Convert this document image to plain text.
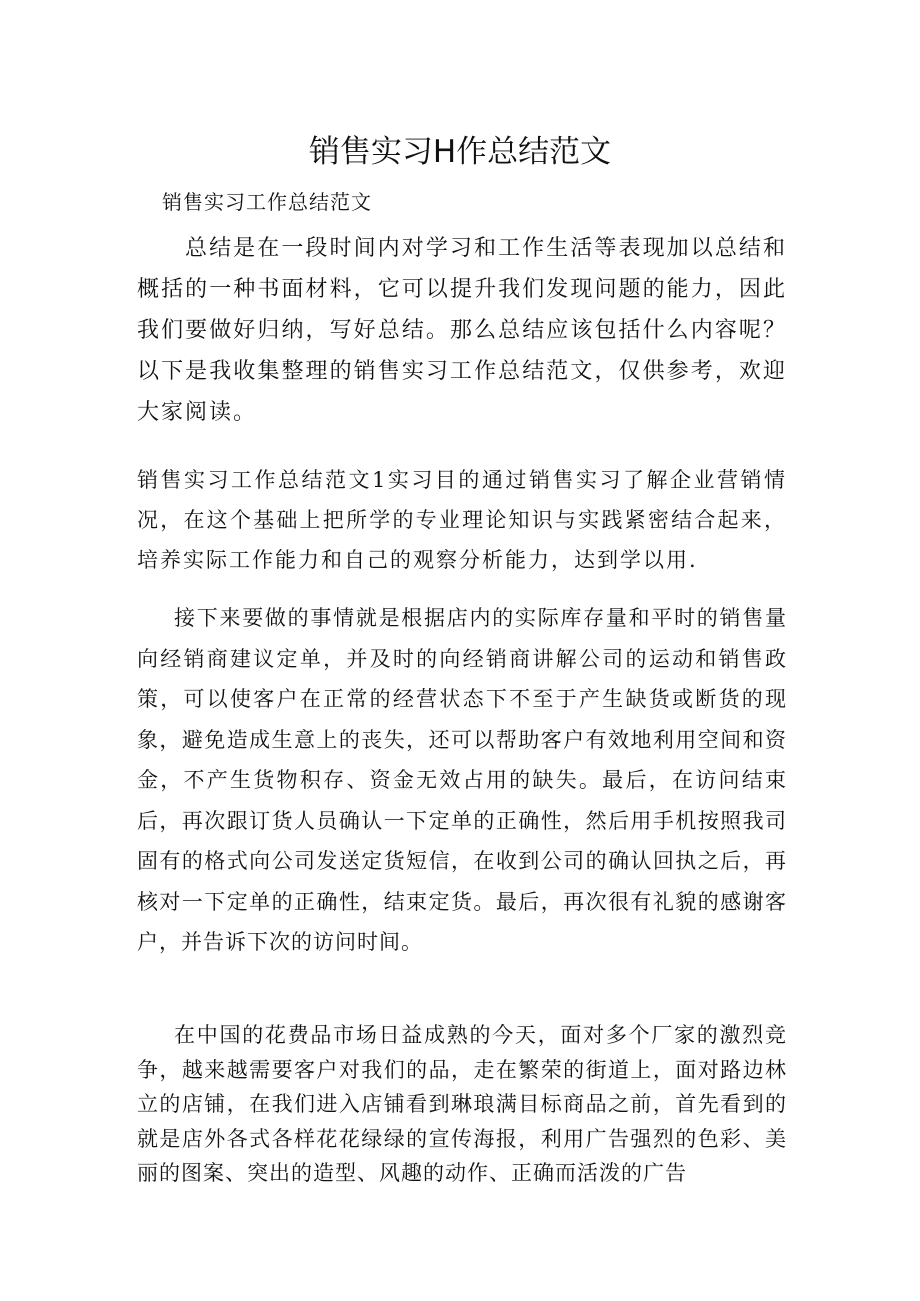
销售实习H作总结范文

销售实习工作总结范文

总结是在一段时间内对学习和工作生活等表现加以总结和概括的一种书面材料，它可以提升我们发现问题的能力，因此我们要做好归纳，写好总结。那么总结应该包括什么内容呢？以下是我收集整理的销售实习工作总结范文，仅供参考，欢迎大家阅读。

销售实习工作总结范文1实习目的通过销售实习了解企业营销情况，在这个基础上把所学的专业理论知识与实践紧密结合起来，培养实际工作能力和自己的观察分析能力，达到学以用.

接下来要做的事情就是根据店内的实际库存量和平时的销售量向经销商建议定单，并及时的向经销商讲解公司的运动和销售政策，可以使客户在正常的经营状态下不至于产生缺货或断货的现象，避免造成生意上的丧失，还可以帮助客户有效地利用空间和资金，不产生货物积存、资金无效占用的缺失。最后，在访问结束后，再次跟订货人员确认一下定单的正确性，然后用手机按照我司固有的格式向公司发送定货短信，在收到公司的确认回执之后，再核对一下定单的正确性，结束定货。最后，再次很有礼貌的感谢客户，并告诉下次的访问时间。

在中国的花费品市场日益成熟的今天，面对多个厂家的激烈竞争，越来越需要客户对我们的品，走在繁荣的街道上，面对路边林立的店铺，在我们进入店铺看到琳琅满目标商品之前，首先看到的就是店外各式各样花花绿绿的宣传海报，利用广告强烈的色彩、美丽的图案、突出的造型、风趣的动作、正确而活泼的广告
